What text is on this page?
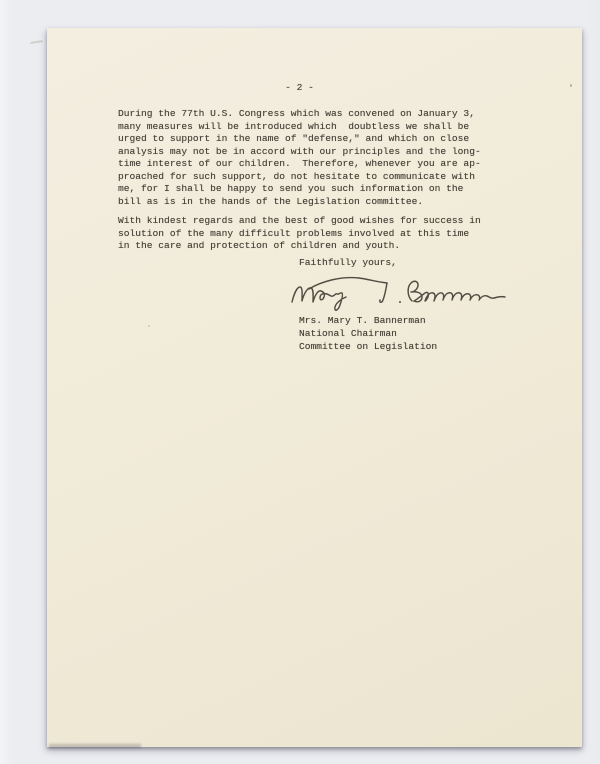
- 2 -
During the 77th U.S. Congress which was convened on January 3,
many measures will be introduced which  doubtless we shall be
urged to support in the name of "defense," and which on close
analysis may not be in accord with our principles and the long-
time interest of our children.  Therefore, whenever you are ap-
proached for such support, do not hesitate to communicate with
me, for I shall be happy to send you such information on the
bill as is in the hands of the Legislation committee.
With kindest regards and the best of good wishes for success in
solution of the many difficult problems involved at this time
in the care and protection of children and youth.
Faithfully yours,
Mrs. Mary T. Bannerman
National Chairman
Committee on Legislation
